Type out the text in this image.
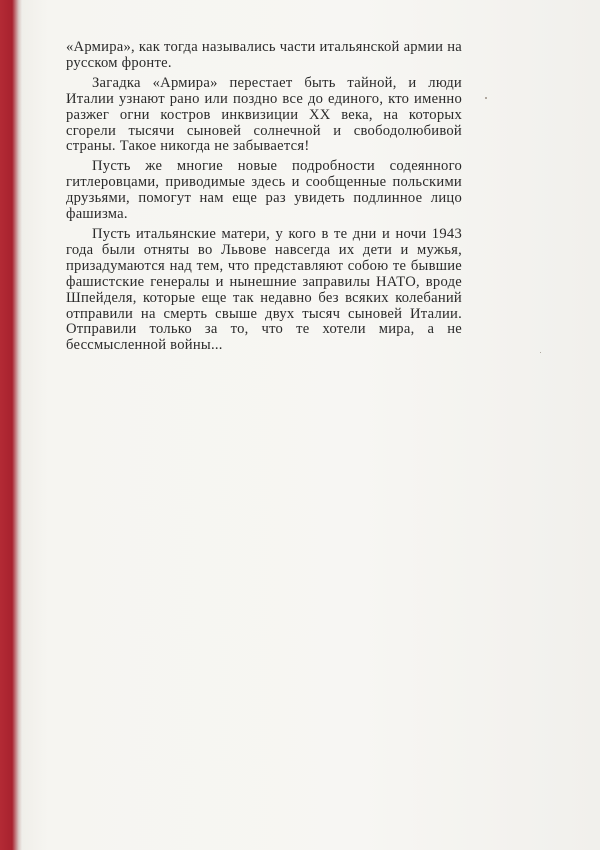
«Армира», как тогда назывались части итальянской армии на русском фронте.

Загадка «Армира» перестает быть тайной, и люди Италии узнают рано или поздно все до единого, кто именно разжег огни костров инквизиции XX века, на которых сгорели тысячи сыновей солнечной и свободолюбивой страны. Такое никогда не забывается!

Пусть же многие новые подробности содеянного гитлеровцами, приводимые здесь и сообщенные польскими друзьями, помогут нам еще раз увидеть подлинное лицо фашизма.

Пусть итальянские матери, у кого в те дни и ночи 1943 года были отняты во Львове навсегда их дети и мужья, призадумаются над тем, что представляют собою те бывшие фашистские генералы и нынешние заправилы НАТО, вроде Шпейделя, которые еще так недавно без всяких колебаний отправили на смерть свыше двух тысяч сыновей Италии. Отправили только за то, что те хотели мира, а не бессмысленной войны...
